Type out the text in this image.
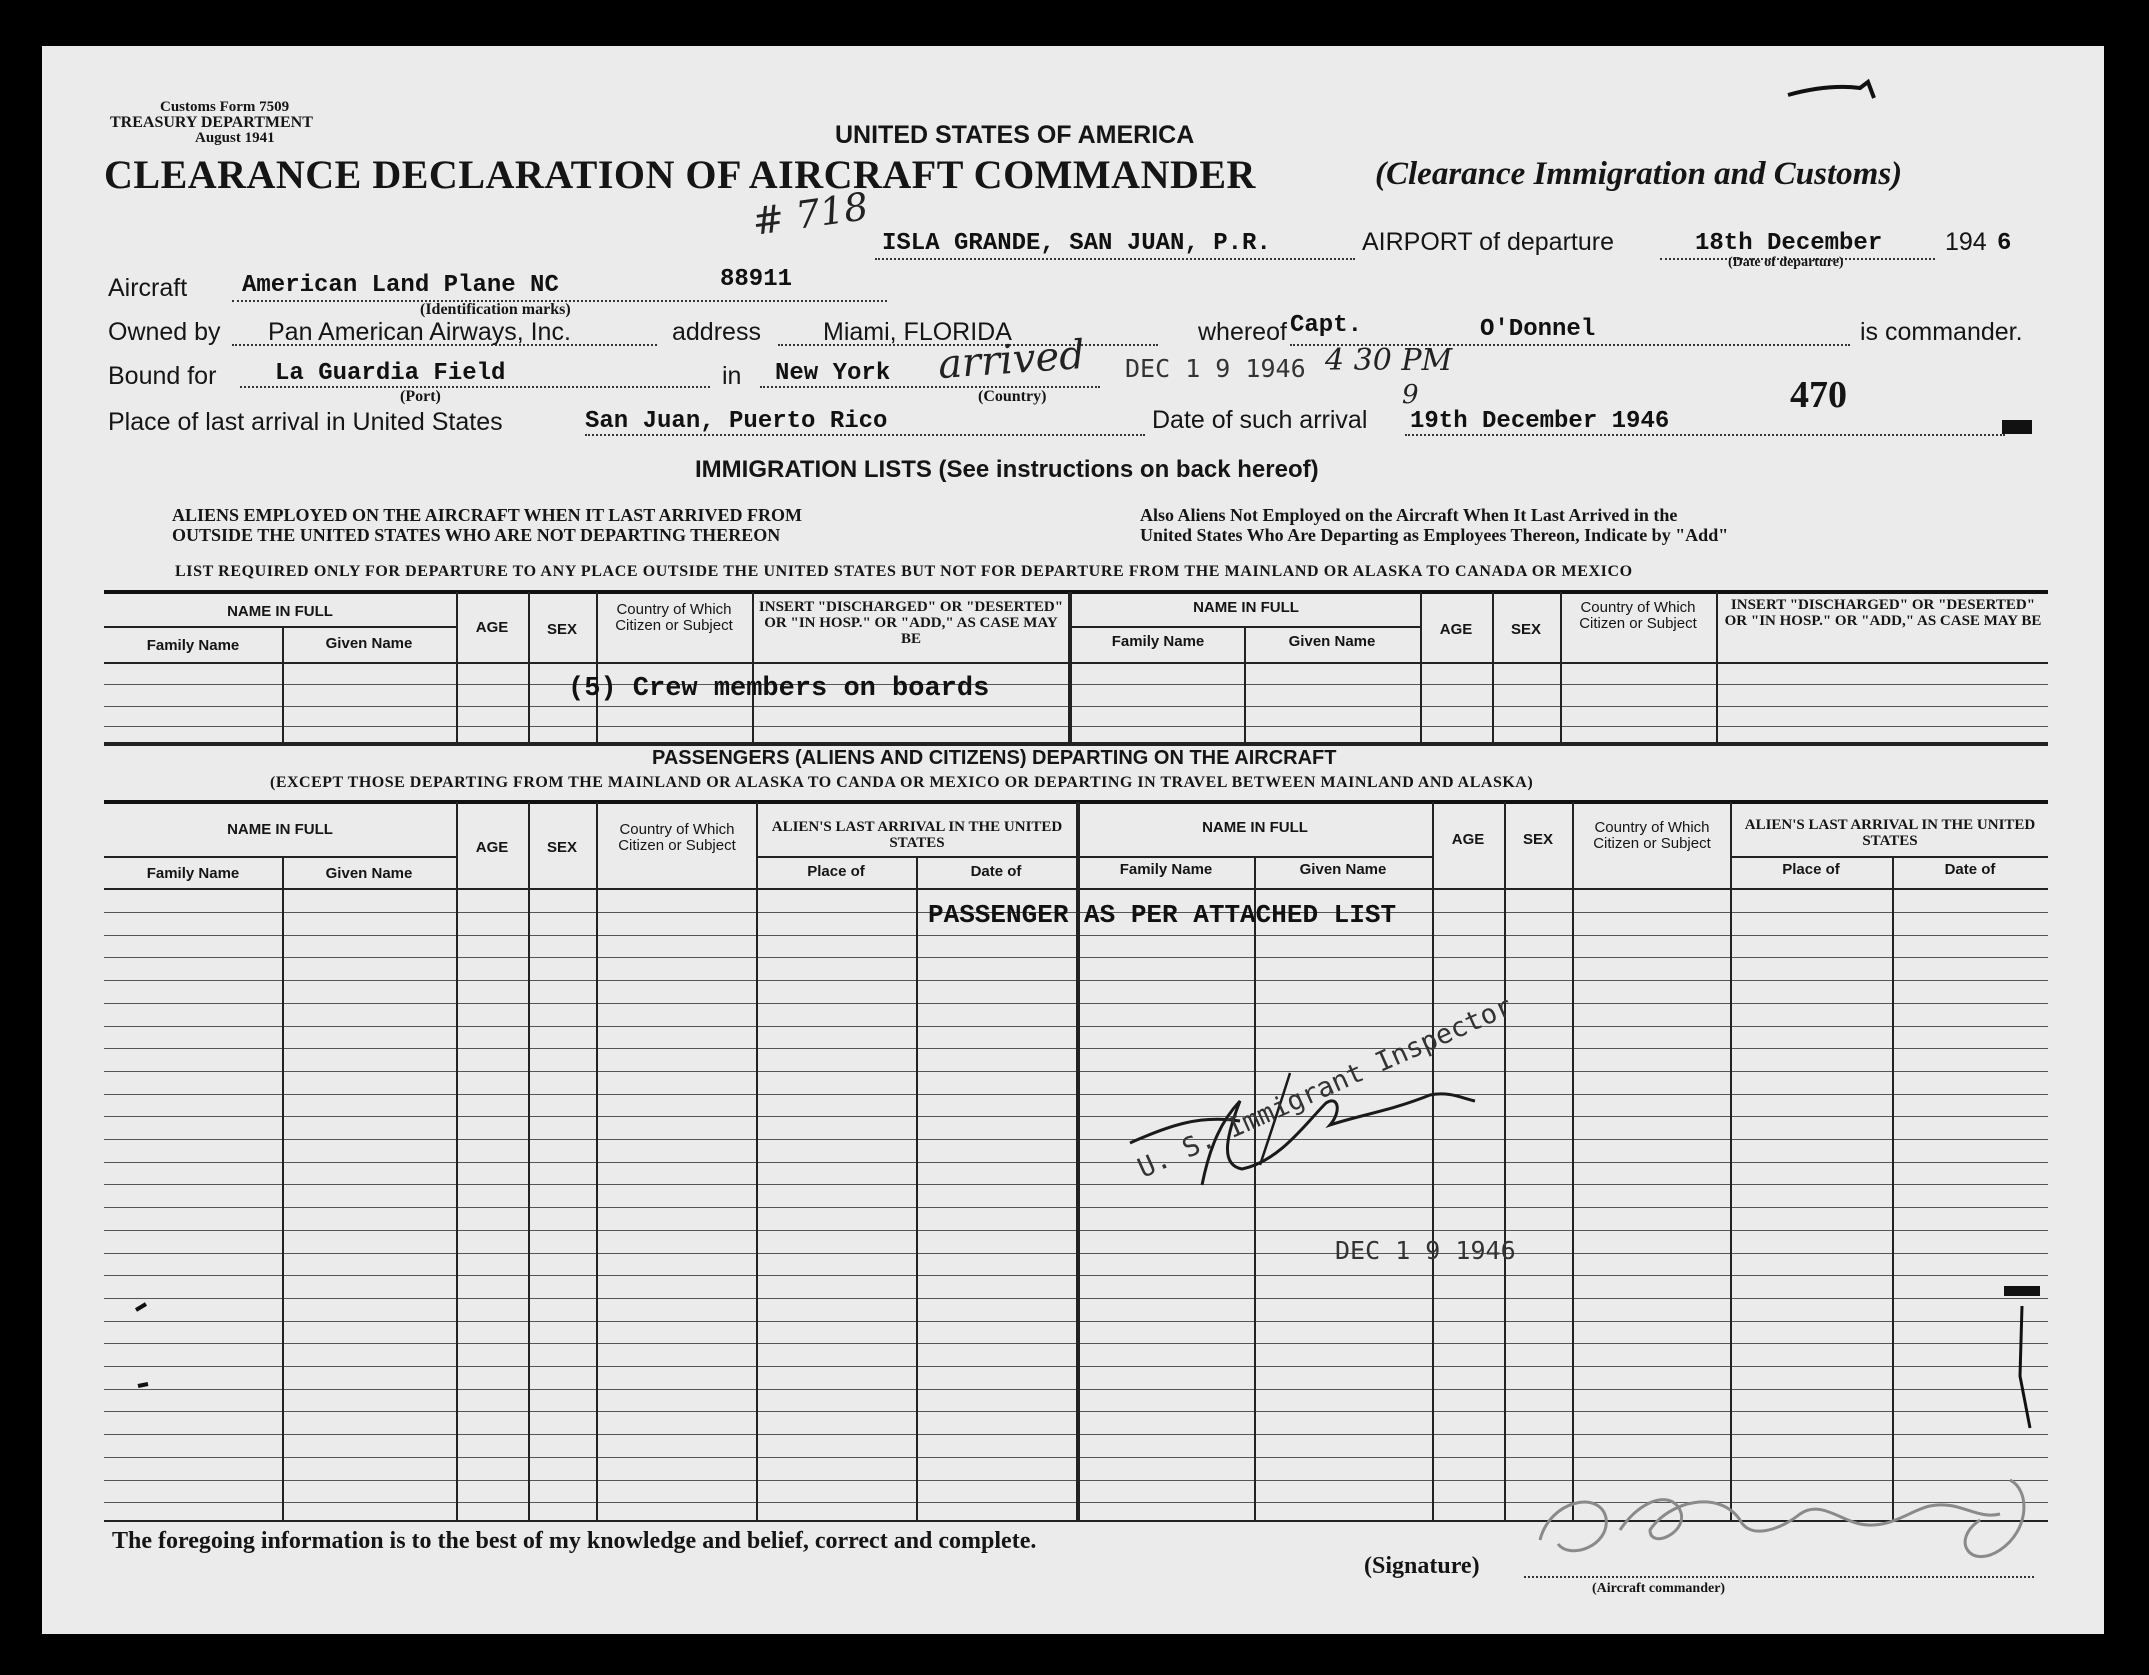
Customs Form 7509
TREASURY DEPARTMENT
August 1941	UNITED STATES OF AMERICA
CLEARANCE DECLARATION OF AIRCRAFT COMMANDER	(Clearance Immigration and Customs)
# 718 ISLA GRANDE, SAN JUAN, P.R.	AIRPORT of departure	18th December	194 6
(Date of departure)
Aircraft American Land Plane NC	88911
(Identification marks)
Owned by Pan American Airways, Inc.	address Miami, FLORIDA	whereof Capt.	O'Donnel	is commander.
Bound for La Guardia Field
(Port)
in New York
(Country)
arrived DEC 1 9 1946 4 30 PM
Place of last arrival in United States	San Juan, Puerto Rico	Date of such arrival 19th December 1946
9	470
IMMIGRATION LISTS (See instructions on back hereof)
ALIENS EMPLOYED ON THE AIRCRAFT WHEN IT LAST ARRIVED FROM
OUTSIDE THE UNITED STATES WHO ARE NOT DEPARTING THEREON
Also Aliens Not Employed on the Aircraft When It Last Arrived in the
United States Who Are Departing as Employees Thereon, Indicate by "Add"
LIST REQUIRED ONLY FOR DEPARTURE TO ANY PLACE OUTSIDE THE UNITED STATES BUT NOT FOR DEPARTURE FROM THE MAINLAND OR ALASKA TO CANADA OR MEXICO
NAME IN FULL
Family Name	Given Name
AGE	SEX
Country of Which Citizen or Subject
INSERT "DISCHARGED" OR "DESERTED" OR "IN HOSP." OR "ADD," AS CASE MAY BE
NAME IN FULL
Family Name	Given Name
AGE	SEX
Country of Which Citizen or Subject
INSERT "DISCHARGED" OR "DESERTED" OR "IN HOSP." OR "ADD," AS CASE MAY BE
(5) Crew members on boards
PASSENGERS (ALIENS AND CITIZENS) DEPARTING ON THE AIRCRAFT
(EXCEPT THOSE DEPARTING FROM THE MAINLAND OR ALASKA TO CANDA OR MEXICO OR DEPARTING IN TRAVEL BETWEEN MAINLAND AND ALASKA)
NAME IN FULL
Family Name	Given Name
AGE	SEX
Country of Which Citizen or Subject
ALIEN'S LAST ARRIVAL IN THE UNITED STATES
Place of	Date of
NAME IN FULL
Family Name	Given Name
AGE	SEX
Country of Which Citizen or Subject
ALIEN'S LAST ARRIVAL IN THE UNITED STATES
Place of	Date of
PASSENGER AS PER ATTACHED LIST
U. S. Immigrant Inspector
DEC 1 9 1946
The foregoing information is to the best of my knowledge and belief, correct and complete.
(Signature)
(Aircraft commander)
